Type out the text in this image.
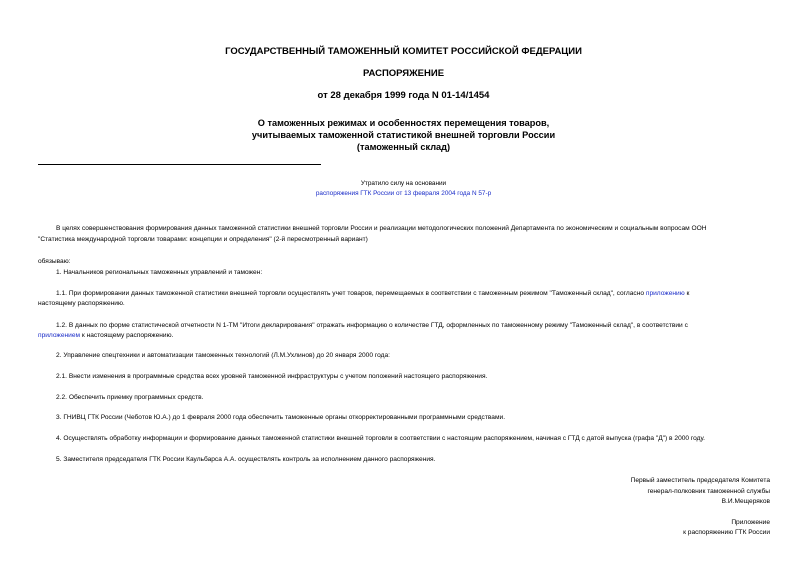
ГОСУДАРСТВЕННЫЙ ТАМОЖЕННЫЙ КОМИТЕТ РОССИЙСКОЙ ФЕДЕРАЦИИ
РАСПОРЯЖЕНИЕ
от 28 декабря 1999 года N 01-14/1454
О таможенных режимах и особенностях перемещения товаров,
учитываемых таможенной статистикой внешней торговли России
(таможенный склад)
Утратило силу на основании
распоряжения ГТК России от 13 февраля 2004 года N 57-р
В целях совершенствования формирования данных таможенной статистики внешней торговли России и реализации методологических положений Департамента по экономическим и социальным вопросам ООН
"Статистика международной торговли товарами: концепции и определения" (2-й пересмотренный вариант)
обязываю:
1. Начальников региональных таможенных управлений и таможен:
1.1. При формировании данных таможенной статистики внешней торговли осуществлять учет товаров, перемещаемых в соответствии с таможенным режимом "Таможенный склад", согласно приложению к
настоящему распоряжению.
1.2. В данных по форме статистической отчетности N 1-ТМ "Итоги декларирования" отражать информацию о количестве ГТД, оформленных по таможенному режиму "Таможенный склад", в соответствии с
приложением к настоящему распоряжению.
2. Управление спецтехники и автоматизации таможенных технологий (Л.М.Ухлинов) до 20 января 2000 года:
2.1. Внести изменения в программные средства всех уровней таможенной инфраструктуры с учетом положений настоящего распоряжения.
2.2. Обеспечить приемку программных средств.
3. ГНИВЦ ГТК России (Чеботов Ю.А.) до 1 февраля 2000 года обеспечить таможенные органы откорректированными программными средствами.
4. Осуществлять обработку информации и формирование данных таможенной статистики внешней торговли в соответствии с настоящим распоряжением, начиная с ГТД с датой выпуска (графа "Д") в 2000 году.
5. Заместителя председателя ГТК России Каульбарса А.А. осуществлять контроль за исполнением данного распоряжения.
Первый заместитель председателя Комитета
генерал-полковник таможенной службы
В.И.Мещеряков
Приложение
к распоряжению ГТК России
